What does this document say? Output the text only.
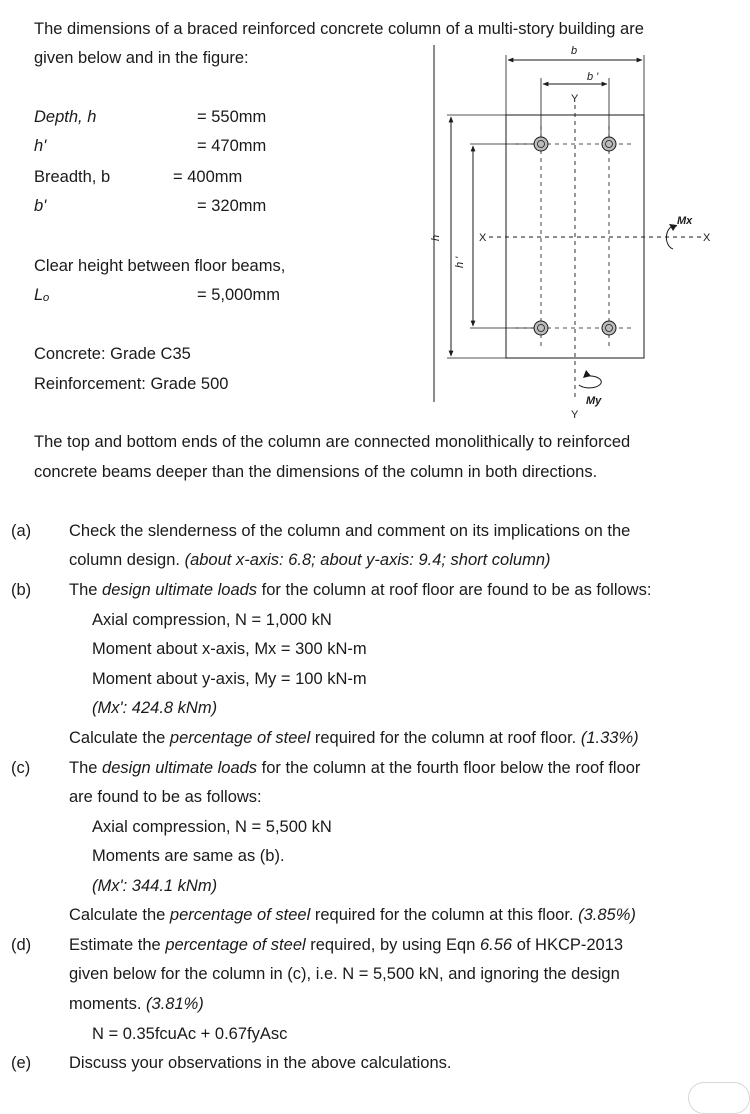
The dimensions of a braced reinforced concrete column of a multi-story building are
given below and in the figure:
Depth, h	= 550mm
h'	= 470mm
Breadth, b	= 400mm
b'	= 320mm
Clear height between floor beams,
Lₒ	= 5,000mm
Concrete: Grade C35
Reinforcement: Grade 500
b
b '
h
h '
Y
Y
X	X
Mx
My
The top and bottom ends of the column are connected monolithically to reinforced
concrete beams deeper than the dimensions of the column in both directions.
(a) Check the slenderness of the column and comment on its implications on the
column design. (about x-axis: 6.8; about y-axis: 9.4; short column)
(b) The design ultimate loads for the column at roof floor are found to be as follows:
Axial compression, N = 1,000 kN
Moment about x-axis, Mx = 300 kN-m
Moment about y-axis, My = 100 kN-m
(Mx': 424.8 kNm)
Calculate the percentage of steel required for the column at roof floor. (1.33%)
(c) The design ultimate loads for the column at the fourth floor below the roof floor
are found to be as follows:
Axial compression, N = 5,500 kN
Moments are same as (b).
(Mx': 344.1 kNm)
Calculate the percentage of steel required for the column at this floor. (3.85%)
(d) Estimate the percentage of steel required, by using Eqn 6.56 of HKCP-2013
given below for the column in (c), i.e. N = 5,500 kN, and ignoring the design
moments. (3.81%)
N = 0.35fcuAc + 0.67fyAsc
(e) Discuss your observations in the above calculations.
